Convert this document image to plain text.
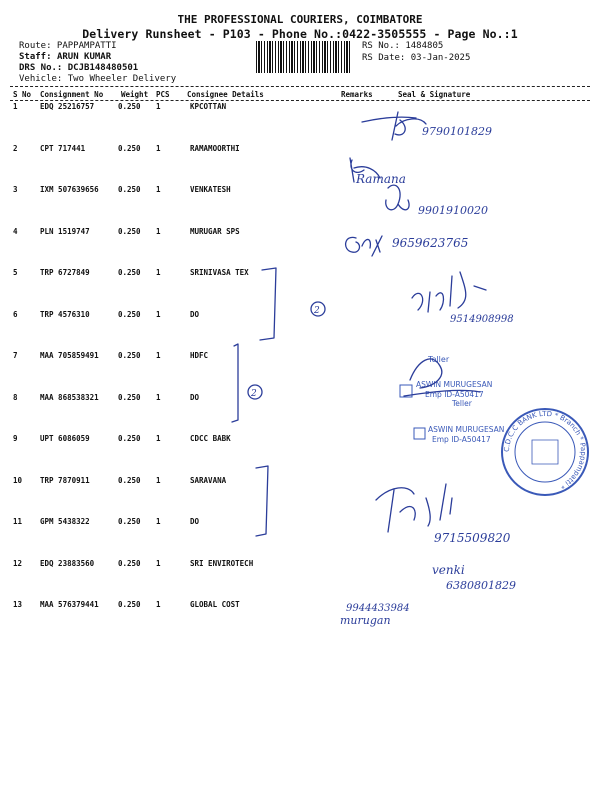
THE PROFESSIONAL COURIERS, COIMBATORE
Delivery Runsheet - P103 - Phone No.:0422-3505555 - Page No.:1
Route: PAPPAMPATTI
Staff: ARUN KUMAR
DRS No.: DCJB148480501
Vehicle: Two Wheeler Delivery
RS No.: 1484805
RS Date: 03-Jan-2025
S No Consignment No Weight PCS Consignee Details	Remarks	Seal & Signature
1	EDQ 25216757	0.250 1	KPCOTTAN
2	CPT 717441	0.250 1	RAMAMOORTHI
3	IXM 507639656	0.250 1	VENKATESH
4	PLN 1519747	0.250 1	MURUGAR SPS
5	TRP 6727849	0.250 1	SRINIVASA TEX
6	TRP 4576310	0.250 1	DO
7	MAA 705859491	0.250 1	HDFC
8	MAA 868538321	0.250 1	DO
9	UPT 6086059	0.250 1	CDCC BABK
10 TRP 7870911	0.250 1	SARAVANA
11 GPM 5438322	0.250 1	DO
12 EDQ 23883560	0.250 1	SRI ENVIROTECH
13 MAA 576379441	0.250 1	GLOBAL COST
9790101829
Ramana
9901910020
9659623765
2
9514908998
2
Teller
ASWIN MURUGESAN
Emp ID-A50417
Teller
ASWIN MURUGESAN
Emp ID-A50417
C.D.C.C BANK LTD * Branch * Pappampatti *
9715509820
venki
6380801829
9944433984
murugan
